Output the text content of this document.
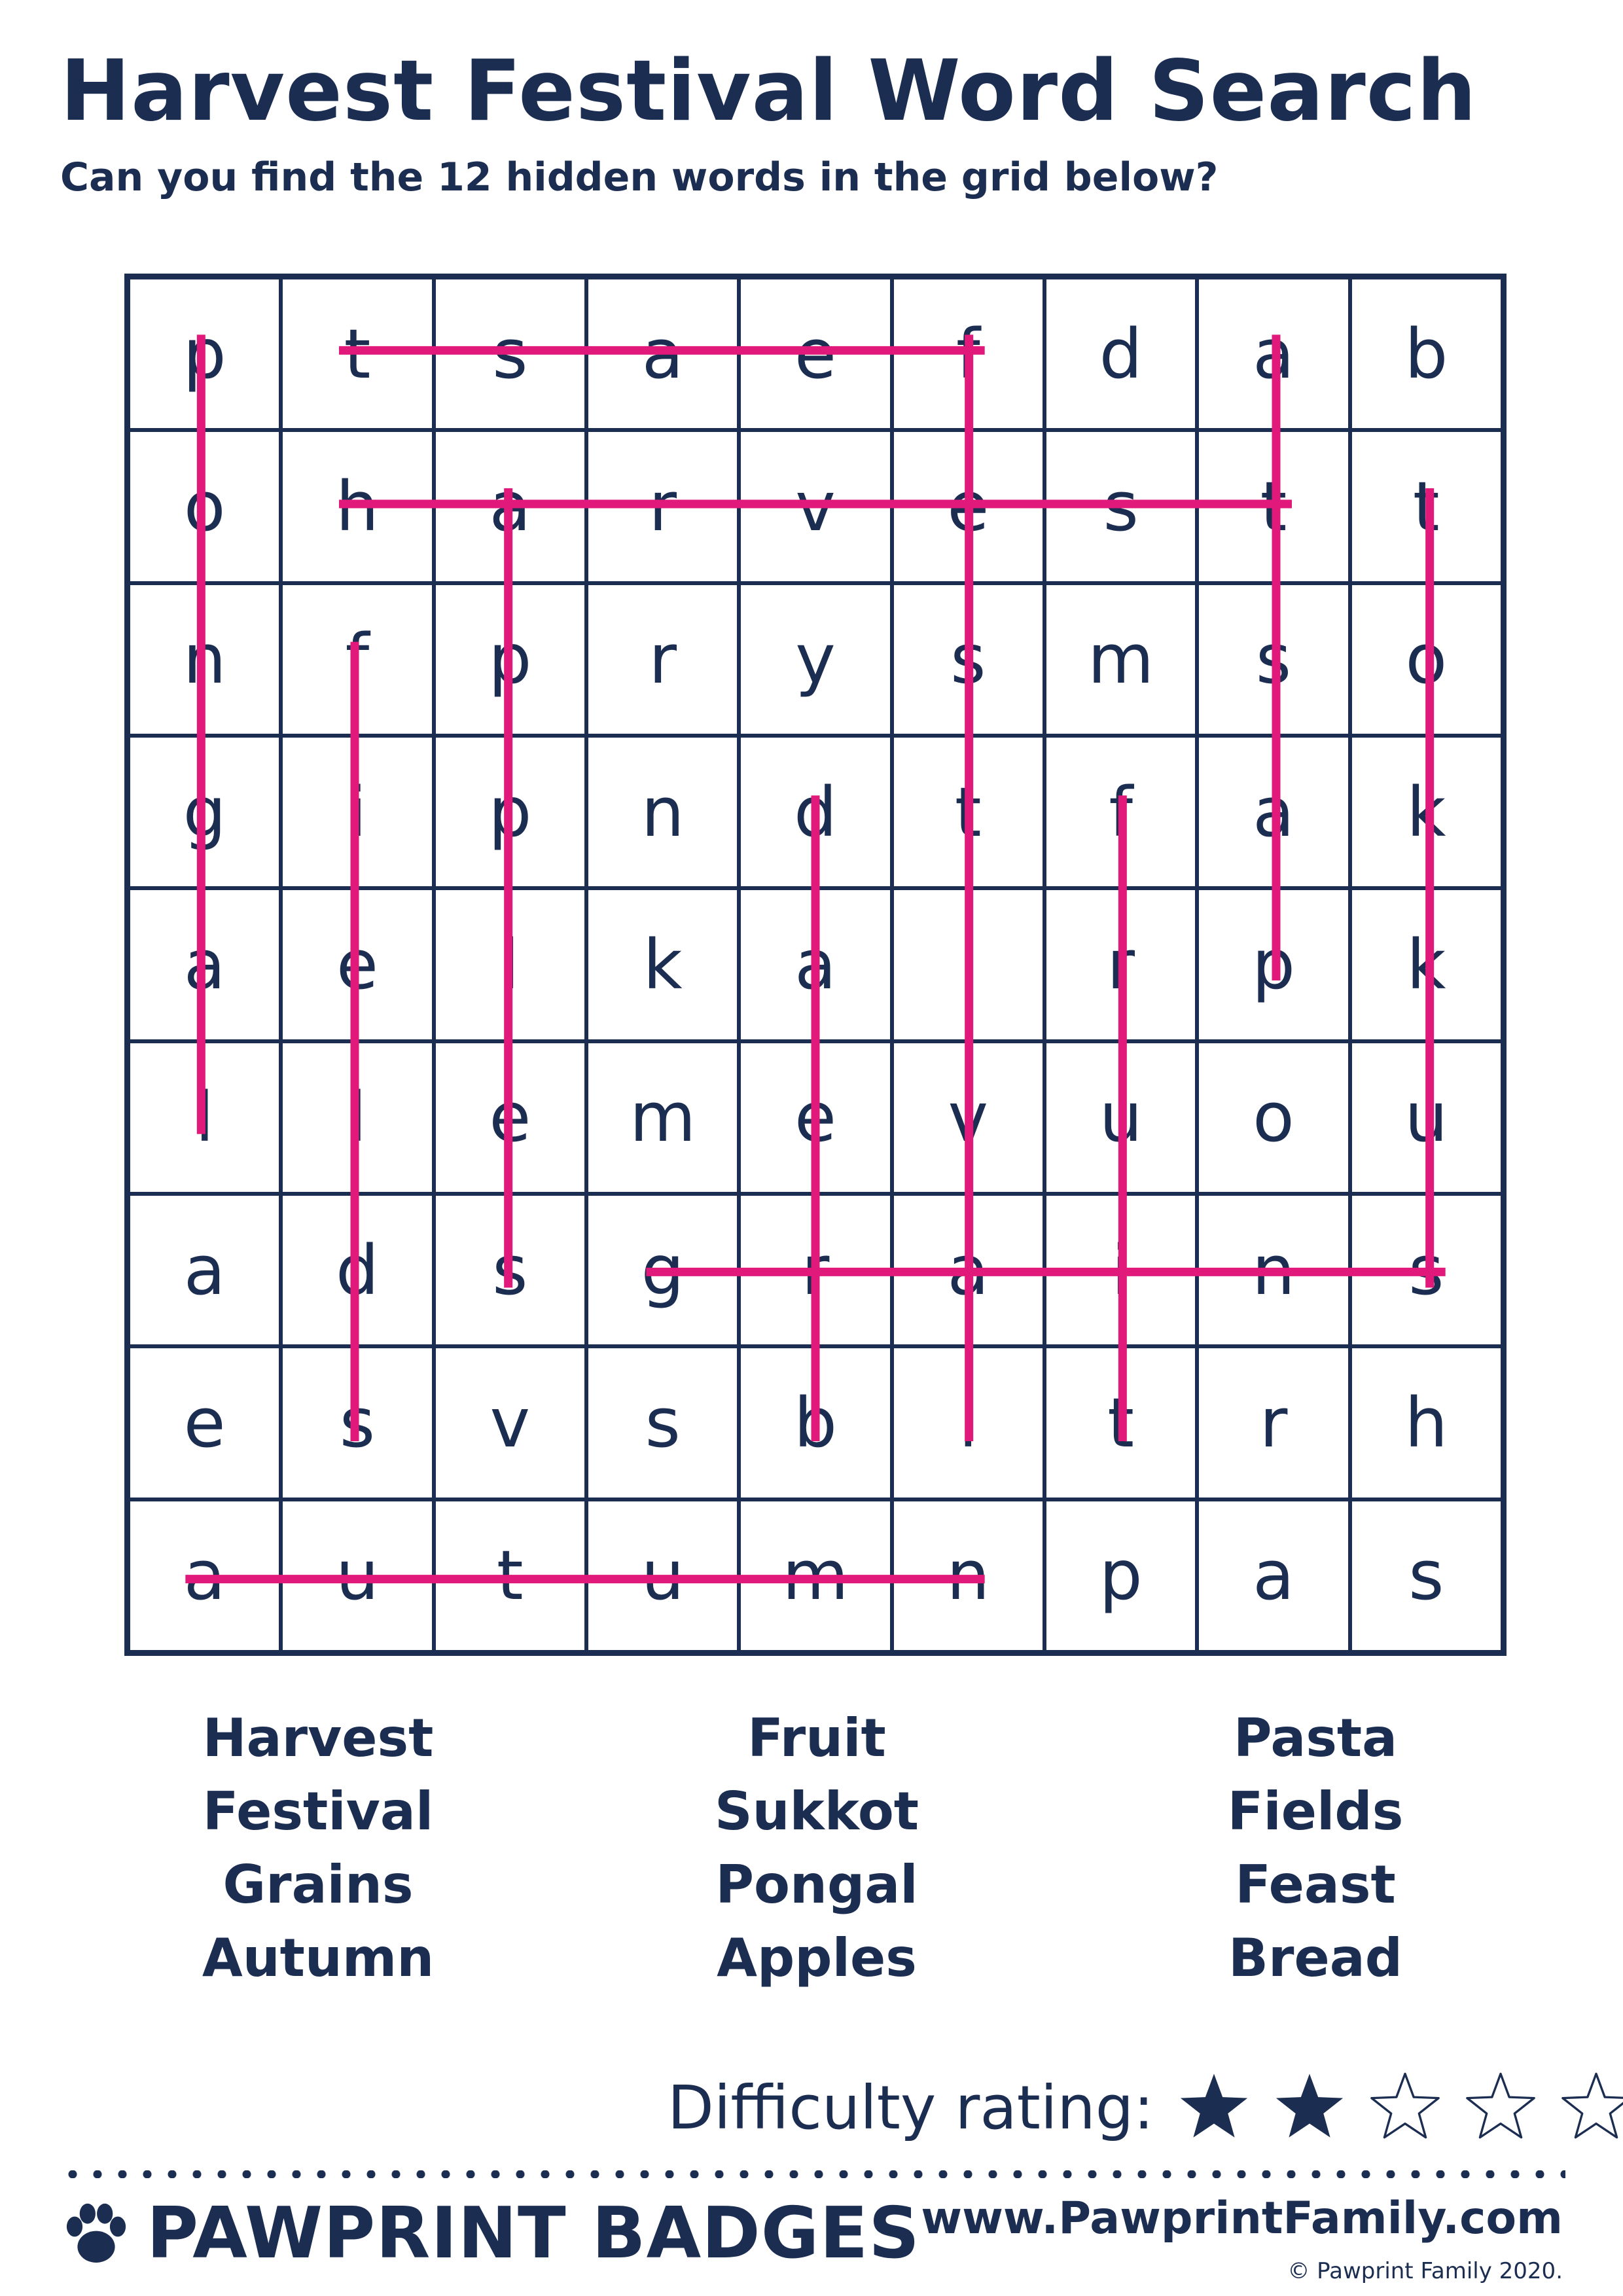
Harvest Festival Word Search

Can you find the 12 hidden words in the grid below?

p	t	s	a	e	f	d	a	b
o	h	a	r	v	e	s	t	t
n	f	p	r	y	s	m	s	o
g	i	p	n	d	t	f	a	k
a	e	l	k	a	i	r	p	k
l	l	e	m	e	v	u	o	u
a	d	s	g	r	a	i	n	s
e	s	v	s	b	l	t	r	h
a	u	t	u	m	n	p	a	s
Harvest
Festival
Grains
Autumn
Fruit
Sukkot
Pongal
Apples
Pasta
Fields
Feast
Bread
Difficulty rating:
PAWPRINT BADGES www.PawprintFamily.com
© Pawprint Family 2020.
